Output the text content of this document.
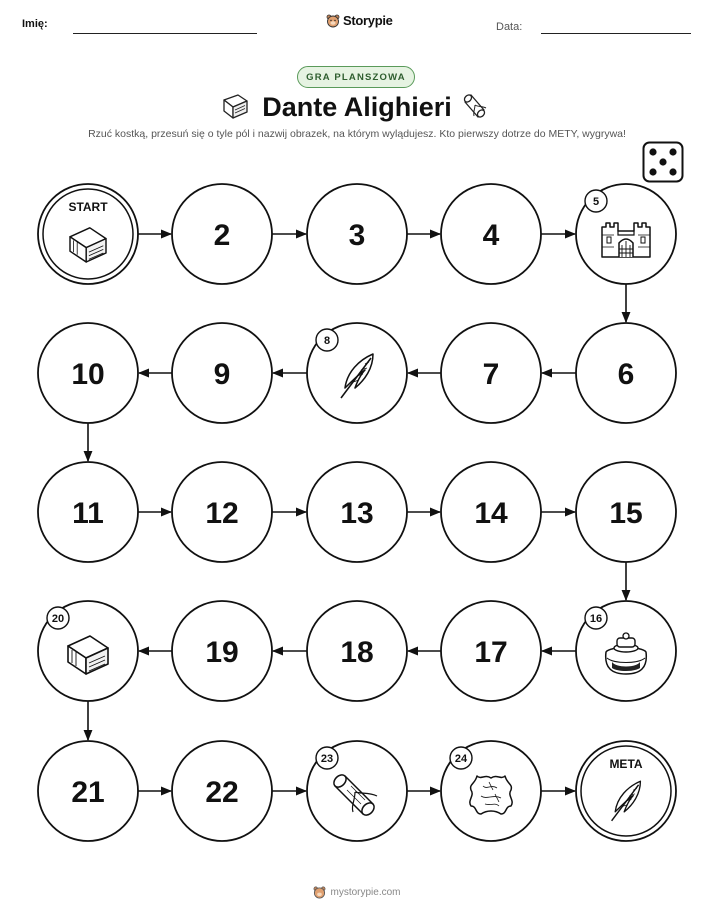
Imię:	Storypie	Data:
GRA PLANSZOWA
Dante Alighieri
Rzuć kostką, przesuń się o tyle pól i nazwij obrazek, na którym wylądujesz. Kto pierwszy dotrze do METY, wygrywa!
START
2	3	4
5
6
7
8
9
10
11	12	13	14	15
16
17
18
19
20
21	22
23	24	META
mystorypie.com
